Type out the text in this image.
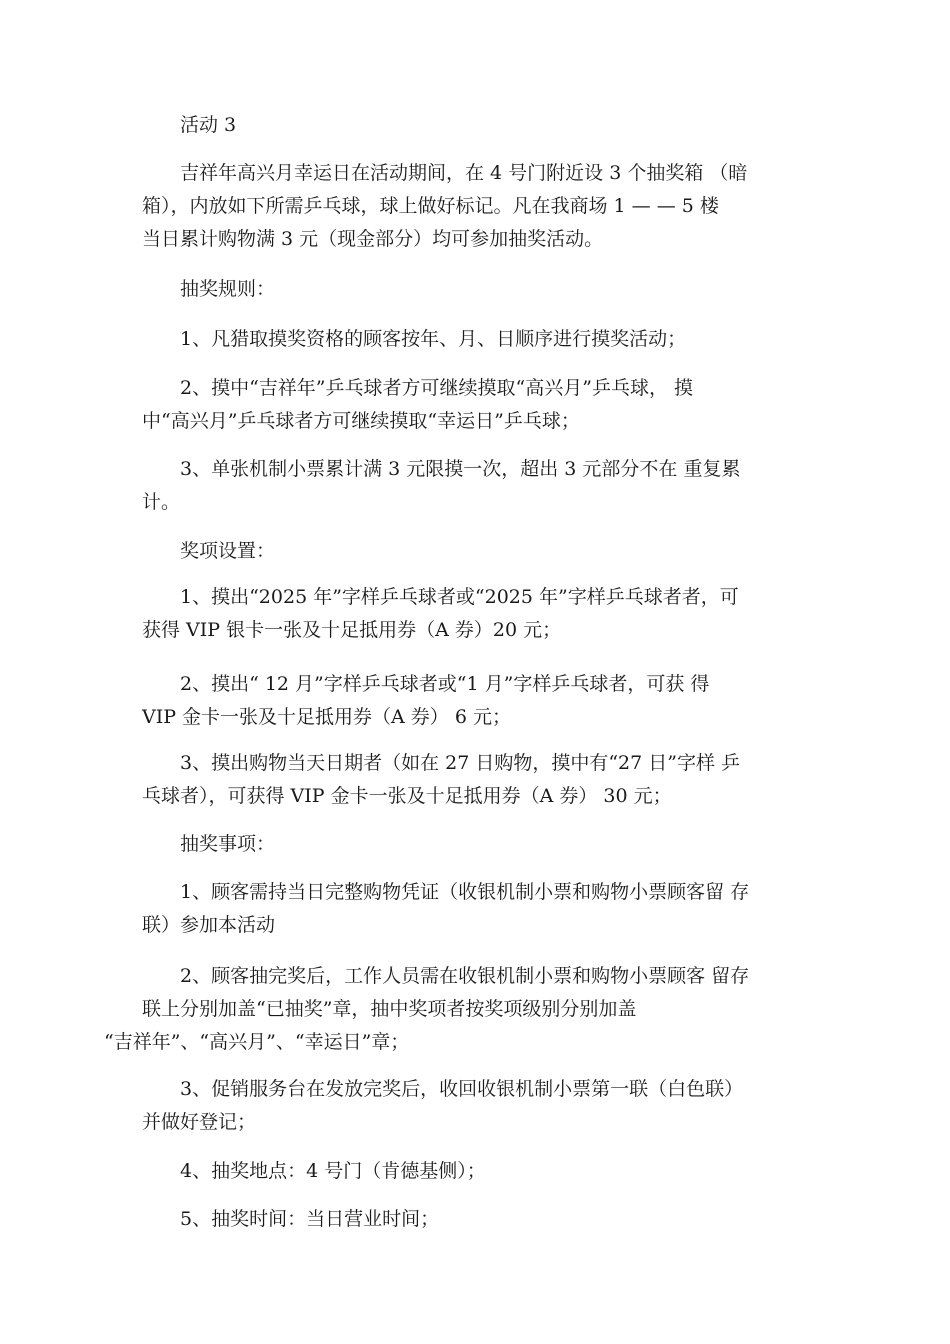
活动 3

吉祥年高兴月幸运日在活动期间，在 4 号门附近设 3 个抽奖箱 （暗
箱），内放如下所需乒乓球，球上做好标记。凡在我商场 1 — — 5 楼
当日累计购物满 3 元（现金部分）均可参加抽奖活动。

抽奖规则：

1、凡猎取摸奖资格的顾客按年、月、日顺序进行摸奖活动；

2、摸中“吉祥年”乒乓球者方可继续摸取“高兴月”乒乓球， 摸
中“高兴月”乒乓球者方可继续摸取“幸运日”乒乓球；

3、单张机制小票累计满 3 元限摸一次，超出 3 元部分不在 重复累
计。

奖项设置：

1、摸出“2025 年”字样乒乓球者或“2025 年”字样乒乓球者者，可
获得 VIP 银卡一张及十足抵用券（A 券）20 元；

2、摸出“ 12 月”字样乒乓球者或“1 月”字样乒乓球者，可获 得
VIP 金卡一张及十足抵用券（A 券） 6 元；

3、摸出购物当天日期者（如在 27 日购物，摸中有“27 日”字样 乒
乓球者），可获得 VIP 金卡一张及十足抵用券（A 券） 30 元；

抽奖事项：

1、顾客需持当日完整购物凭证（收银机制小票和购物小票顾客留 存
联）参加本活动

2、顾客抽完奖后，工作人员需在收银机制小票和购物小票顾客 留存
联上分别加盖“已抽奖”章，抽中奖项者按奖项级别分别加盖
“吉祥年”、“高兴月”、“幸运日”章；

3、促销服务台在发放完奖后，收回收银机制小票第一联（白色联）
并做好登记；

4、抽奖地点：4 号门（肯德基侧）；

5、抽奖时间：当日营业时间；
